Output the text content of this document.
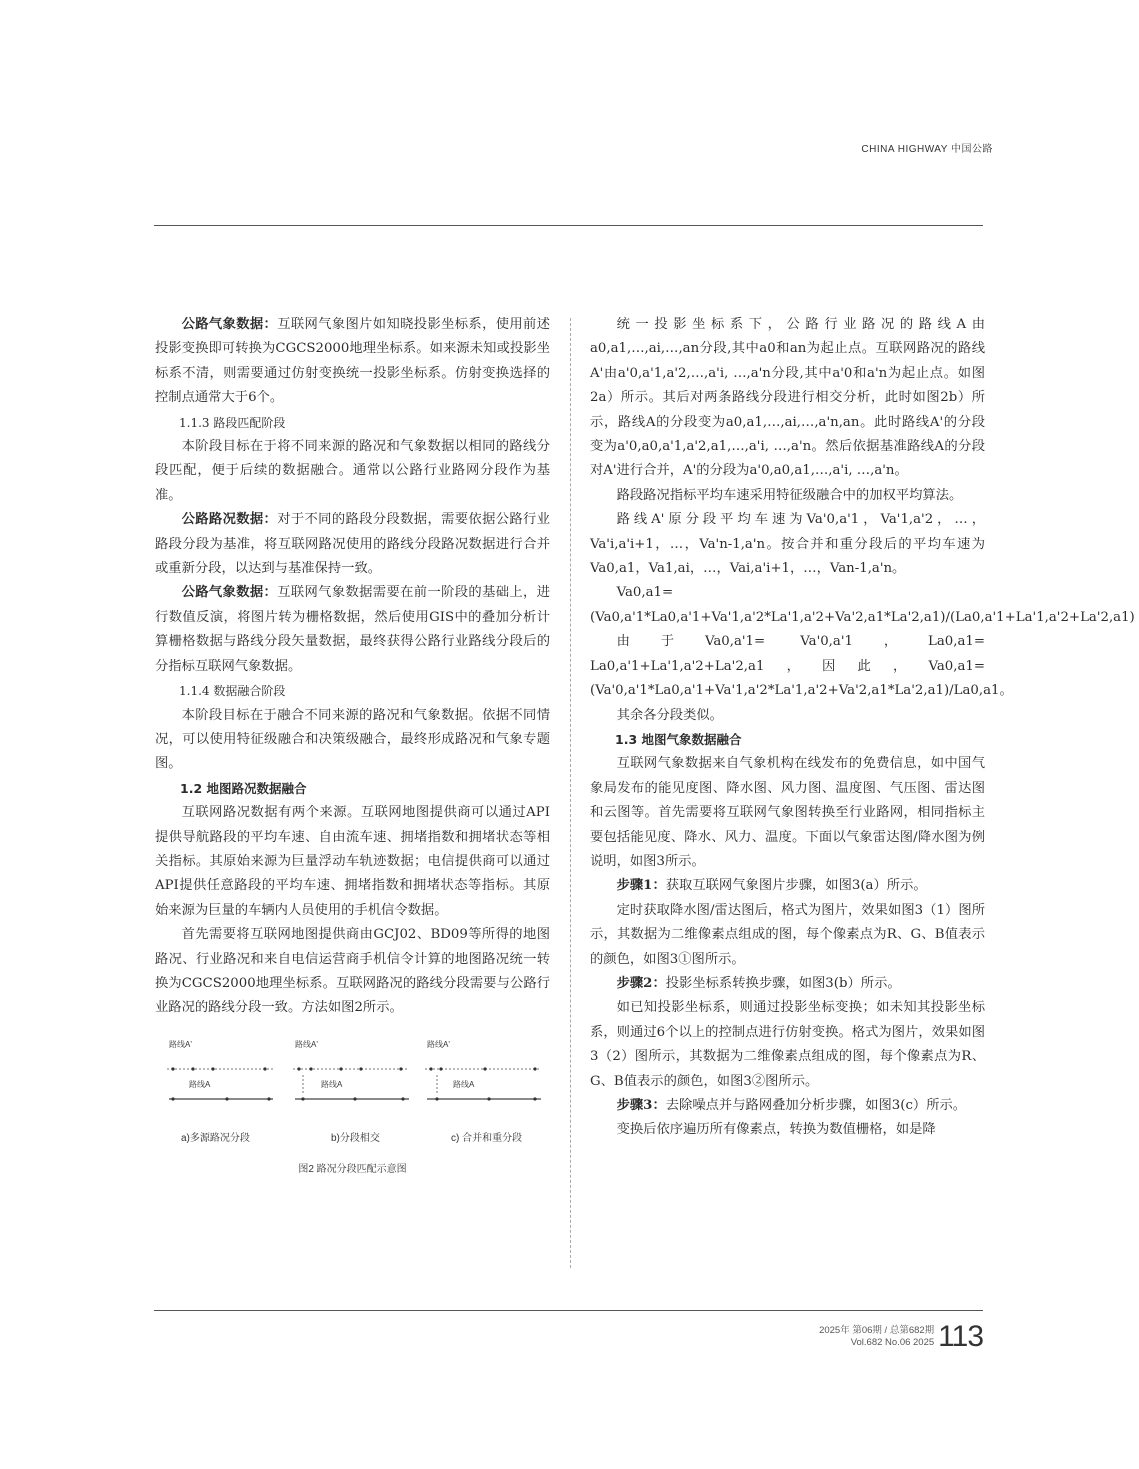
CHINA HIGHWAY 中国公路

公路气象数据：互联网气象图片如知晓投影坐标系，使用前述投影变换即可转换为CGCS2000地理坐标系。如来源未知或投影坐标系不清，则需要通过仿射变换统一投影坐标系。仿射变换选择的控制点通常大于6个。

1.1.3 路段匹配阶段

本阶段目标在于将不同来源的路况和气象数据以相同的路线分段匹配，便于后续的数据融合。通常以公路行业路网分段作为基准。

公路路况数据：对于不同的路段分段数据，需要依据公路行业路段分段为基准，将互联网路况使用的路线分段路况数据进行合并或重新分段，以达到与基准保持一致。

公路气象数据：互联网气象数据需要在前一阶段的基础上，进行数值反演，将图片转为栅格数据，然后使用GIS中的叠加分析计算栅格数据与路线分段矢量数据，最终获得公路行业路线分段后的分指标互联网气象数据。

1.1.4 数据融合阶段

本阶段目标在于融合不同来源的路况和气象数据。依据不同情况，可以使用特征级融合和决策级融合，最终形成路况和气象专题图。

1.2 地图路况数据融合

互联网路况数据有两个来源。互联网地图提供商可以通过API提供导航路段的平均车速、自由流车速、拥堵指数和拥堵状态等相关指标。其原始来源为巨量浮动车轨迹数据；电信提供商可以通过API提供任意路段的平均车速、拥堵指数和拥堵状态等指标。其原始来源为巨量的车辆内人员使用的手机信令数据。

首先需要将互联网地图提供商由GCJ02、BD09等所得的地图路况、行业路况和来自电信运营商手机信令计算的地图路况统一转换为CGCS2000地理坐标系。互联网路况的路线分段需要与公路行业路况的路线分段一致。方法如图2所示。

路线A'
路线A
路线A'
路线A
路线A'
路线A
a)多源路况分段	b)分段相交	c) 合并和重分段
图2 路况分段匹配示意图

统一投影坐标系下，公路行业路况的路线A由a0,a1,…,ai,…,an分段,其中a0和an为起止点。互联网路况的路线A'由a'0,a'1,a'2,…,a'i, …,a'n分段,其中a'0和a'n为起止点。如图2a）所示。其后对两条路线分段进行相交分析，此时如图2b）所示，路线A的分段变为a0,a1,…,ai,…,a'n,an。此时路线A'的分段变为a'0,a0,a'1,a'2,a1,…,a'i, …,a'n。然后依据基准路线A的分段对A'进行合并，A'的分段为a'0,a0,a1,…,a'i, …,a'n。

路段路况指标平均车速采用特征级融合中的加权平均算法。

路线A'原分段平均车速为Va'0,a'1，Va'1,a'2，…，Va'i,a'i+1，…，Va'n-1,a'n。按合并和重分段后的平均车速为Va0,a1，Va1,ai，…，Vai,a'i+1，…，Van-1,a'n。

Va0,a1=(Va0,a'1*La0,a'1+Va'1,a'2*La'1,a'2+Va'2,a1*La'2,a1)/(La0,a'1+La'1,a'2+La'2,a1)

由于Va0,a'1= Va'0,a'1，La0,a1= La0,a'1+La'1,a'2+La'2,a1，因此，Va0,a1=(Va'0,a'1*La0,a'1+Va'1,a'2*La'1,a'2+Va'2,a1*La'2,a1)/La0,a1。

其余各分段类似。

1.3 地图气象数据融合

互联网气象数据来自气象机构在线发布的免费信息，如中国气象局发布的能见度图、降水图、风力图、温度图、气压图、雷达图和云图等。首先需要将互联网气象图转换至行业路网，相同指标主要包括能见度、降水、风力、温度。下面以气象雷达图/降水图为例说明，如图3所示。

步骤1：获取互联网气象图片步骤，如图3(a）所示。

定时获取降水图/雷达图后，格式为图片，效果如图3（1）图所示，其数据为二维像素点组成的图，每个像素点为R、G、B值表示的颜色，如图3①图所示。

步骤2：投影坐标系转换步骤，如图3(b）所示。

如已知投影坐标系，则通过投影坐标变换；如未知其投影坐标系，则通过6个以上的控制点进行仿射变换。格式为图片，效果如图3（2）图所示，其数据为二维像素点组成的图，每个像素点为R、G、B值表示的颜色，如图3②图所示。

步骤3：去除噪点并与路网叠加分析步骤，如图3(c）所示。

变换后依序遍历所有像素点，转换为数值栅格，如是降

2025年 第06期 / 总第682期
Vol.682 No.06 2025 113
